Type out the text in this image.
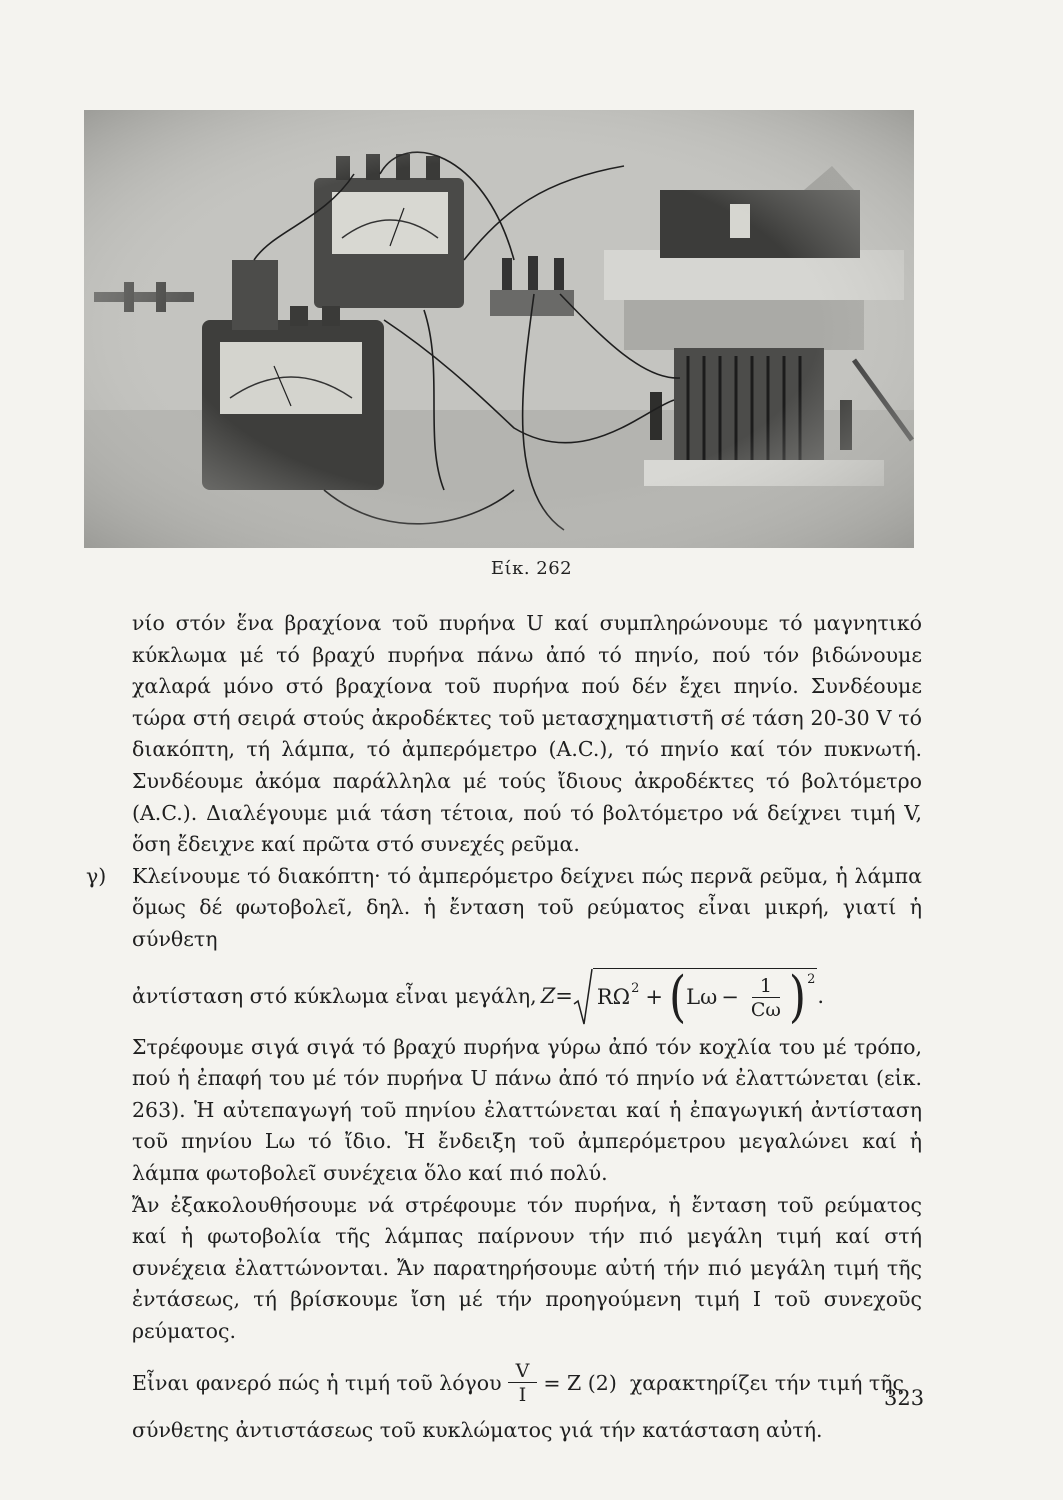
Είκ. 262

νίο στόν ἕνα βραχίονα τοῦ πυρήνα U καί συμπληρώνουμε τό μαγνητικό κύκλωμα μέ τό βραχύ πυρήνα πάνω ἀπό τό πηνίο, πού τόν βιδώνουμε χαλαρά μόνο στό βραχίονα τοῦ πυρήνα πού δέν ἔχει πηνίο. Συνδέουμε τώρα στή σειρά στούς ἀκροδέκτες τοῦ μετασχηματιστῆ σέ τάση 20-30 V τό διακόπτη, τή λάμπα, τό ἀμπερόμετρο (A.C.), τό πηνίο καί τόν πυκνωτή. Συνδέουμε ἀκόμα παράλληλα μέ τούς ἴδιους ἀκροδέκτες τό βολτόμετρο (A.C.). Διαλέγουμε μιά τάση τέτοια, πού τό βολτόμετρο νά δείχνει τιμή V, ὅση ἔδειχνε καί πρῶτα στό συνεχές ρεῦμα.

γ) Κλείνουμε τό διακόπτη· τό ἀμπερόμετρο δείχνει πώς περνᾶ ρεῦμα, ἡ λάμπα ὅμως δέ φωτοβολεῖ, δηλ. ἡ ἔνταση τοῦ ρεύματος εἶναι μικρή, γιατί ἡ σύνθετη

ἀντίσταση στό κύκλωμα εἶναι μεγάλη, Z= RΩ 2 + ( $L\omega - \frac{1}{C\omega}$ ) 2
.

Στρέφουμε σιγά σιγά τό βραχύ πυρήνα γύρω ἀπό τόν κοχλία του μέ τρόπο, πού ἡ ἐπαφή του μέ τόν πυρήνα U πάνω ἀπό τό πηνίο νά ἐλαττώνεται (εἰκ. 263). Ἡ αὐτεπαγωγή τοῦ πηνίου ἐλαττώνεται καί ἡ ἐπαγωγική ἀντίσταση τοῦ πηνίου Lω τό ἴδιο. Ἡ ἔνδειξη τοῦ ἀμπερόμετρου μεγαλώνει καί ἡ λάμπα φωτοβολεῖ συνέχεια ὅλο καί πιό πολύ.

Ἄν ἐξακολουθήσουμε νά στρέφουμε τόν πυρήνα, ἡ ἔνταση τοῦ ρεύματος καί ἡ φωτοβολία τῆς λάμπας παίρνουν τήν πιό μεγάλη τιμή καί στή συνέχεια ἐλαττώνονται. Ἄν παρατηρήσουμε αὐτή τήν πιό μεγάλη τιμή τῆς ἐντάσεως, τή βρίσκουμε ἴση μέ τήν προηγούμενη τιμή I τοῦ συνεχοῦς ρεύματος.

Εἶναι φανερό πώς ἡ τιμή τοῦ λόγου $\frac{V}{I} = Z$ (2)  χαρακτηρίζει τήν τιμή τῆς

σύνθετης ἀντιστάσεως τοῦ κυκλώματος γιά τήν κατάσταση αὐτή.

323
